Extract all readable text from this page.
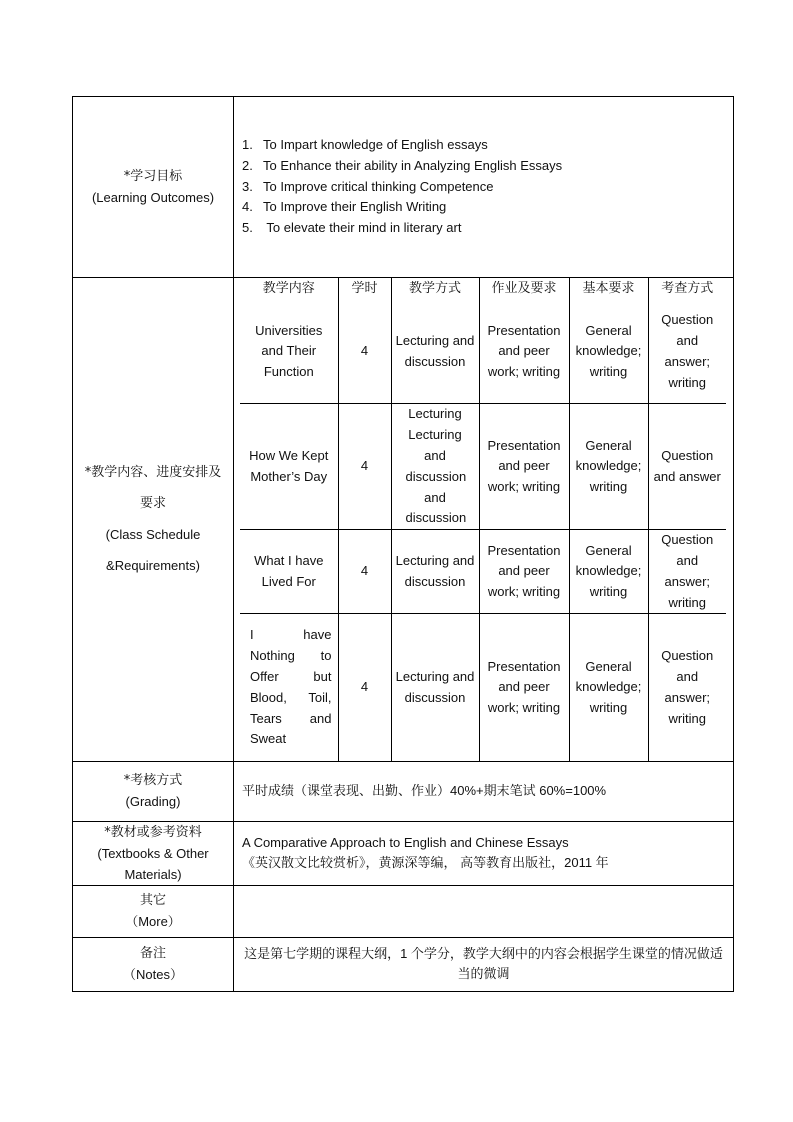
*学习目标
(Learning Outcomes)

1. To Impart knowledge of English essays
2. To Enhance their ability in Analyzing English Essays
3. To Improve critical thinking Competence
4. To Improve their English Writing
5. To elevate their mind in literary art

*教学内容、进度安排及
要求
(Class Schedule
&Requirements)

教学内容	学时	教学方式	作业及要求	基本要求	考查方式
Universities and Their Function	4	Lecturing and discussion	Presentation and peer work; writing	General knowledge; writing	Question and answer; writing
How We Kept Mother’s Day	4	Lecturing Lecturing and discussion and discussion	Presentation and peer work; writing	General knowledge; writing	Question and answer
What I have Lived For	4	Lecturing and discussion	Presentation and peer work; writing	General knowledge; writing	Question and answer; writing
I have Nothing to Offer but Blood, Toil, Tears and Sweat	4	Lecturing and discussion	Presentation and peer work; writing	General knowledge; writing	Question and answer; writing

*考核方式
(Grading)
	平时成绩（课堂表现、出勤、作业）40%+期末笔试 60%=100%

*教材或参考资料
(Textbooks & Other
Materials)

A Comparative Approach to English and Chinese Essays
《英汉散文比较赏析》，黄源深等编， 高等教育出版社，2011 年

其它
（More）

备注
（Notes）
	这是第七学期的课程大纲，1 个学分，教学大纲中的内容会根据学生课堂的情况做适当的微调
